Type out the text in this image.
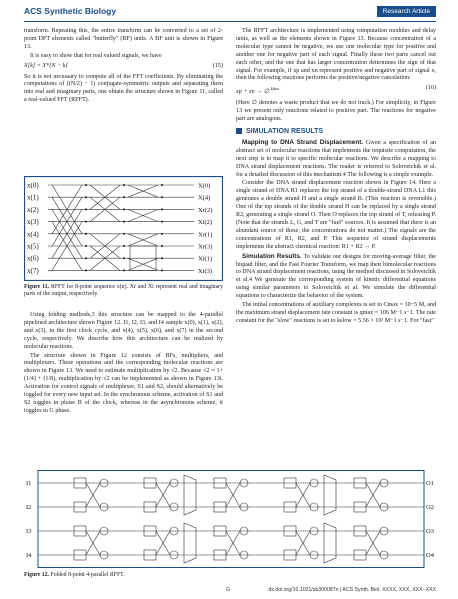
ACS Synthetic Biology	Research Article

transform. Repeating this, the entire transform can be converted to a set of 2-point DFT elements called "butterfly" (BF) units. A BF unit is shown in Figure 13.

It is easy to show that for real valued signals, we have

X[k] = X*[N − k]	(15)

So it is not necessary to compute all of the FFT coefficients. By eliminating the computations of ((N/2) − 1) conjugate-symmetric outputs and separating them into real and imaginary parts, one obtain the structure shown in Figure 11, called a real-valued FFT (RFFT).

x(0)
x(1)
x(2)
x(3)
x(4)
x(5)
x(6)
x(7)
X(0)
X(4)
Xr(2)
Xi(2)
Xr(1)
Xr(3)
Xi(1)
Xi(3)
Figure 11. RFFT for 8-point sequence x(n). Xr and Xi represent real and imaginary parts of the output, respectively.

Using folding methods,3 this structure can be mapped to the 4-parallel pipelined architecture shown Figure 12. I1, I2, I3, and I4 sample x(0), x(1), x(2), and x(3), in the first clock cycle, and x(4), x(5), x(6), and x(7) in the second cycle, respectively. We describe how this architecture can be realized by molecular reactions.

The structure shown in Figure 12 consists of BFs, multipliers, and multiplexers. These operations and the corresponding molecular reactions are shown in Figure 13. We need to estimate multiplication by √2. Because √2 ≈ 1+ (1/4) + (1/8), multiplication by √2 can be implemented as shown in Figure 13i. Activation for control signals of multiplexer, S1 and S2, should alternatively be toggled for every new input set. In the synchronous scheme, activation of S1 and S2 toggles in phase B of the clock, whereas in the asynchronous scheme, it toggles in G phase.

The RFFT architecture is implemented using computation modules and delay units, as well as the elements shown in Figure 13. Because concentration of a molecular type cannot be negative, we use one molecular type for positive and another one for negative part of each signal. Finally these two parts cancel out each other, and the one that has larger concentration determines the sign of that signal. For example, if xp and xn represent positive and negative part of signal x, then the following reactions performs the positive/negative cancelation:

xp + xn → ∅ $^{kfast}$	(16)

(Here ∅ denotes a waste product that we do not track.) For simplicity, in Figure 13 we present only reactions related to positive part. The reactions for negative part are analogous.

SIMULATION RESULTS

Mapping to DNA Strand Displacement. Given a specification of an abstract set of molecular reactions that implements the requisite computation, the next step is to map it to specific molecular reactions. We describe a mapping to DNA strand displacement reactions. The reader is referred to Soloveichik et al. for a detailed discussion of this mechanism.4 The following is a simple example.

Consider the DNA strand displacement reaction shown in Figure 14. Here a single strand of DNA R1 replaces the top strand of a double-strand DNA L1 this generates a double strand H and a single strand B. (This reaction is reversible.) One of the top strands of the double strand H can be replaced by a single strand R2, generating a single strand O. Then O replaces the top strand of T, releasing P. (Note that the strands L, G, and T are "fuel" sources. It is assumed that there is an abundant source of these; the concentrations do not matter.) The signals are the concentrations of R1, R2, and P. This sequence of strand displacements implements the abstract chemical reaction: R1 + R2 → P.

Simulation Results. To validate our designs for moving-average filter, the biquad filter, and the Fast Fourier Transform, we map their bimolecular reactions to DNA strand displacement reactions, using the method discussed in Soloveichik et al.4 We generate the corresponding system of kinetic differential equations using similar parameters to Soloveichik et al. We simulate the differential equations to characterize the behavior of the system.

The initial concentrations of auxiliary complexes is set to Cmax = 10−5 M, and the maximum strand displacement rate constant is qmax = 106 M−1 s−1. The rate constant for the "slow" reactions is set to kslow = 5.56 × 10² M−1 s−1. For "fast"

I1
I2
I3
I4
O1
O2
O3
O4
Figure 12. Folded 8-point 4-parallel RFFT.
G	dx.doi.org/10.1021/sb300087n | ACS Synth. Biol. XXXX, XXX, XXX−XXX
